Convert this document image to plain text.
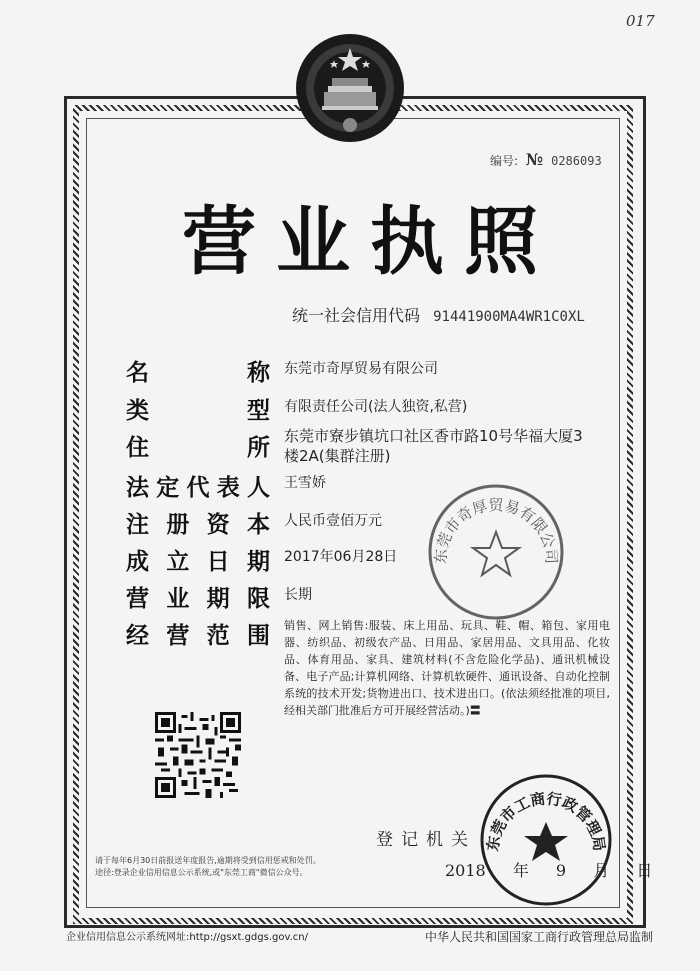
017
编号: № 0286093
营业执照
统一社会信用代码 91441900MA4WR1C0XL
名	称 东莞市奇厚贸易有限公司
类	型 有限责任公司(法人独资,私营)
住	所 东莞市寮步镇坑口社区香市路10号华福大厦3
楼2A(集群注册)
法 定 代 表 人 王雪娇
注 册 资 本 人民币壹佰万元
成 立 日 期 2017年06月28日
营 业 期 限 长期
经 营 范 围 销售、网上销售:服装、床上用品、玩具、鞋、帽、箱包、家用电器、纺织品、初级农产品、日用品、家居用品、文具用品、化妆品、体育用品、家具、建筑材料(不含危险化学品)、通讯机械设备、电子产品;计算机网络、计算机软硬件、通讯设备、自动化控制系统的技术开发;货物进出口、技术进出口。(依法须经批准的项目,经相关部门批准后方可开展经营活动。)〓
东莞市奇厚贸易有限公司
东莞市工商行政管理局
登记机关
2018 年 9 月 日
请于每年6月30日前报送年度报告,逾期将受到信用惩戒和处罚。
途径:登录企业信用信息公示系统,或"东莞工商"微信公众号。
企业信用信息公示系统网址:http://gsxt.gdgs.gov.cn/	中华人民共和国国家工商行政管理总局监制
